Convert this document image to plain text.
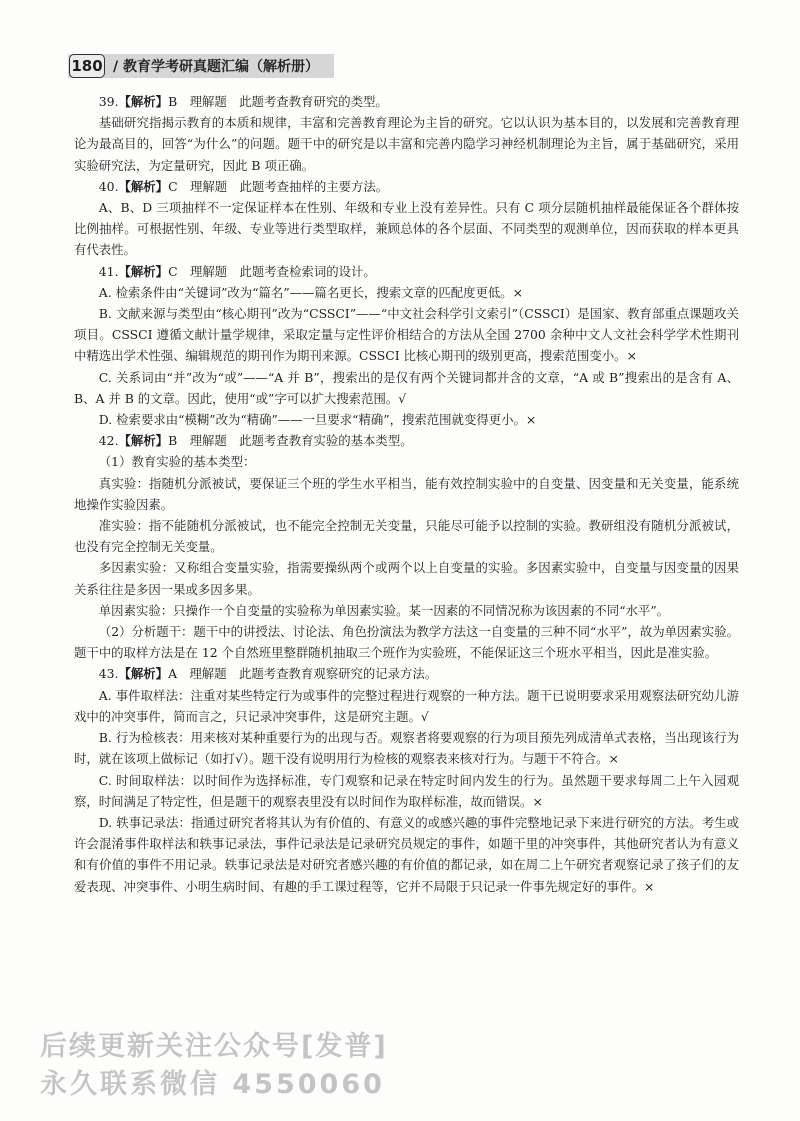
180 / 教育学考研真题汇编（解析册）

39.【解析】B　理解题　此题考查教育研究的类型。

基础研究指揭示教育的本质和规律，丰富和完善教育理论为主旨的研究。它以认识为基本目的，以发展和完善教育理论为最高目的，回答“为什么”的问题。题干中的研究是以丰富和完善内隐学习神经机制理论为主旨，属于基础研究，采用实验研究法，为定量研究，因此 B 项正确。

40.【解析】C　理解题　此题考查抽样的主要方法。

A、B、D 三项抽样不一定保证样本在性别、年级和专业上没有差异性。只有 C 项分层随机抽样最能保证各个群体按比例抽样。可根据性别、年级、专业等进行类型取样，兼顾总体的各个层面、不同类型的观测单位，因而获取的样本更具有代表性。

41.【解析】C　理解题　此题考查检索词的设计。

A. 检索条件由“关键词”改为“篇名”——篇名更长，搜索文章的匹配度更低。×

B. 文献来源与类型由“核心期刊”改为“CSSCI”——“中文社会科学引文索引”（CSSCI）是国家、教育部重点课题攻关项目。CSSCI 遵循文献计量学规律，采取定量与定性评价相结合的方法从全国 2700 余种中文人文社会科学学术性期刊中精选出学术性强、编辑规范的期刊作为期刊来源。CSSCI 比核心期刊的级别更高，搜索范围变小。×

C. 关系词由“并”改为“或”——“A 并 B”，搜索出的是仅有两个关键词都并含的文章，“A 或 B”搜索出的是含有 A、B、A 并 B 的文章。因此，使用“或”字可以扩大搜索范围。√

D. 检索要求由“模糊”改为“精确”——一旦要求“精确”，搜索范围就变得更小。×

42.【解析】B　理解题　此题考查教育实验的基本类型。

（1）教育实验的基本类型：

真实验：指随机分派被试，要保证三个班的学生水平相当，能有效控制实验中的自变量、因变量和无关变量，能系统地操作实验因素。

准实验：指不能随机分派被试，也不能完全控制无关变量，只能尽可能予以控制的实验。教研组没有随机分派被试，也没有完全控制无关变量。

多因素实验：又称组合变量实验，指需要操纵两个或两个以上自变量的实验。多因素实验中，自变量与因变量的因果关系往往是多因一果或多因多果。

单因素实验：只操作一个自变量的实验称为单因素实验。某一因素的不同情况称为该因素的不同“水平”。

（2）分析题干：题干中的讲授法、讨论法、角色扮演法为教学方法这一自变量的三种不同“水平”，故为单因素实验。题干中的取样方法是在 12 个自然班里整群随机抽取三个班作为实验班，不能保证这三个班水平相当，因此是准实验。

43.【解析】A　理解题　此题考查教育观察研究的记录方法。

A. 事件取样法：注重对某些特定行为或事件的完整过程进行观察的一种方法。题干已说明要求采用观察法研究幼儿游戏中的冲突事件，简而言之，只记录冲突事件，这是研究主题。√

B. 行为检核表：用来核对某种重要行为的出现与否。观察者将要观察的行为项目预先列成清单式表格，当出现该行为时，就在该项上做标记（如打√）。题干没有说明用行为检核的观察表来核对行为。与题干不符合。×

C. 时间取样法：以时间作为选择标准，专门观察和记录在特定时间内发生的行为。虽然题干要求每周二上午入园观察，时间满足了特定性，但是题干的观察表里没有以时间作为取样标准，故而错误。×

D. 轶事记录法：指通过研究者将其认为有价值的、有意义的或感兴趣的事件完整地记录下来进行研究的方法。考生或许会混淆事件取样法和轶事记录法，事件记录法是记录研究员规定的事件，如题干里的冲突事件，其他研究者认为有意义和有价值的事件不用记录。轶事记录法是对研究者感兴趣的有价值的都记录，如在周二上午研究者观察记录了孩子们的友爱表现、冲突事件、小明生病时间、有趣的手工课过程等，它并不局限于只记录一件事先规定好的事件。×

后续更新关注公众号[发普]
永久联系微信 4550060
